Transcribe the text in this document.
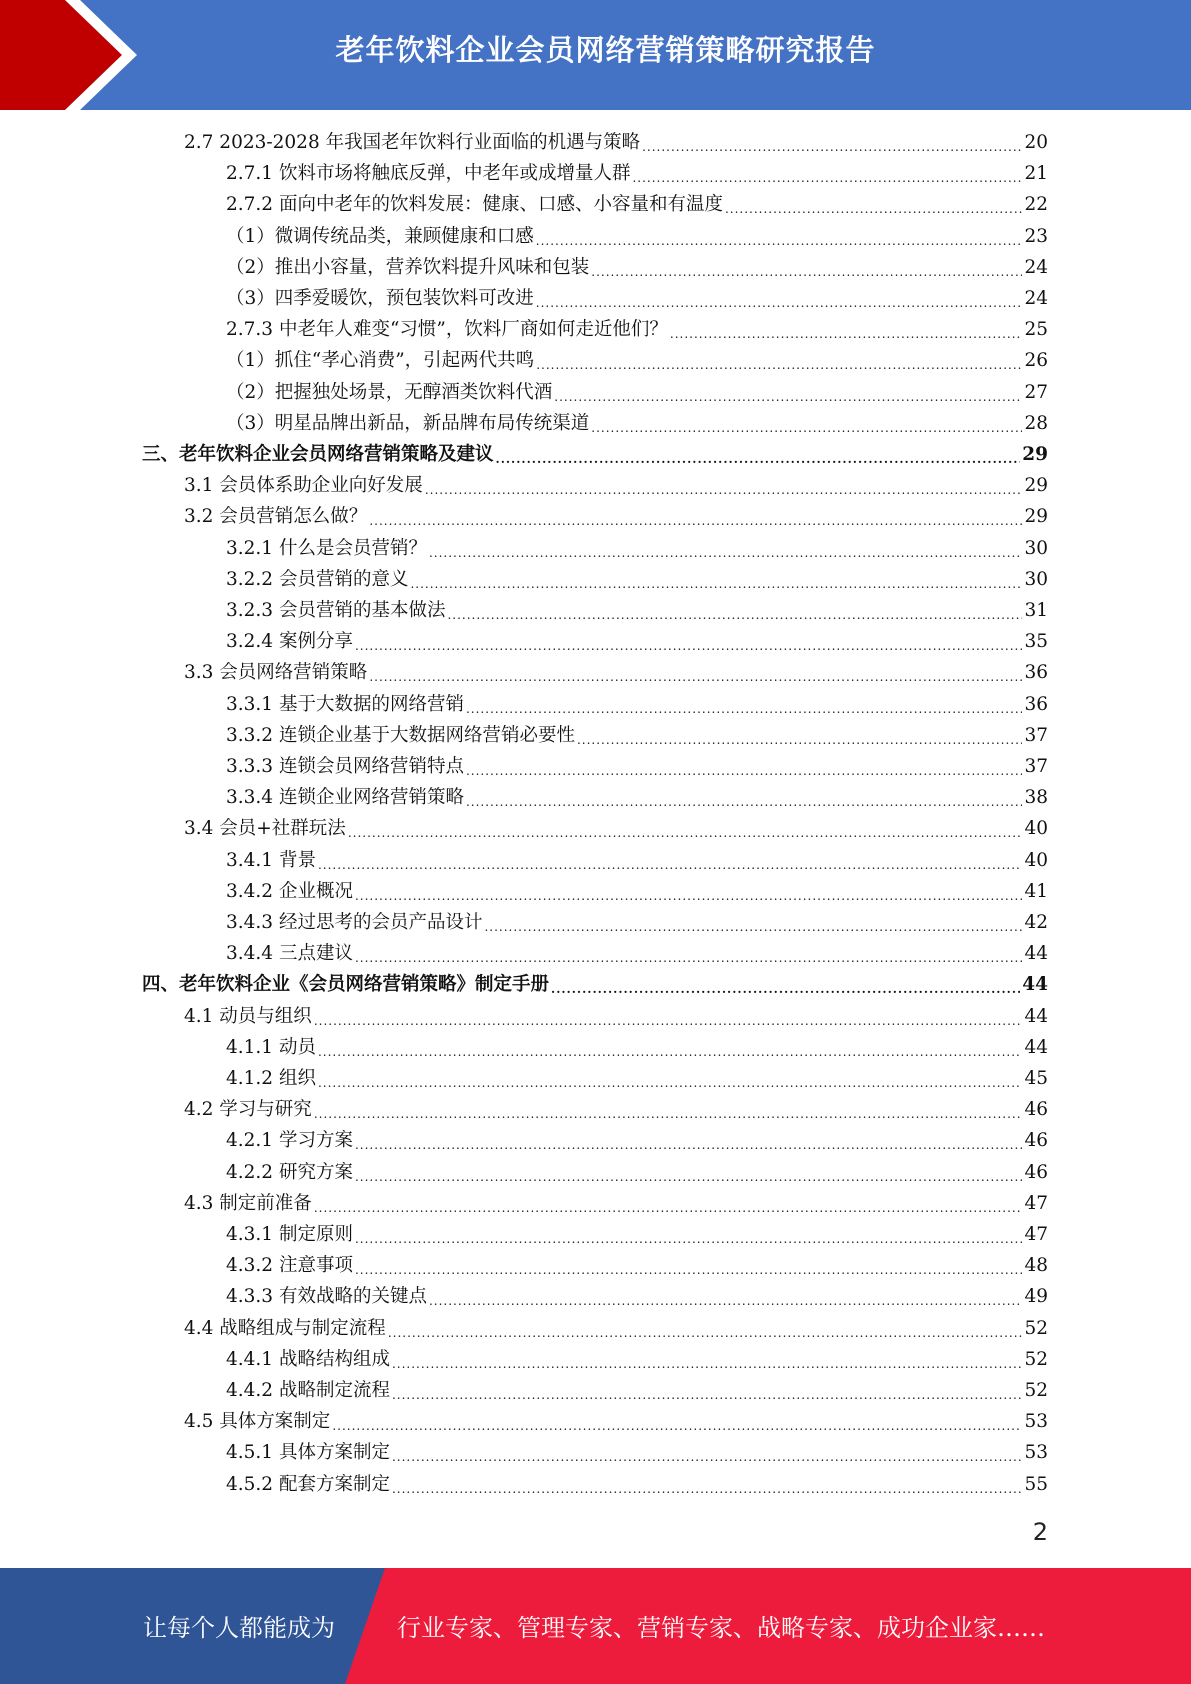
老年饮料企业会员网络营销策略研究报告
2.7 2023-2028 年我国老年饮料行业面临的机遇与策略 .....	20
2.7.1 饮料市场将触底反弹，中老年或成增量人群 .....	21
2.7.2 面向中老年的饮料发展：健康、口感、小容量和有温度 .....	22
（1）微调传统品类，兼顾健康和口感 .....	23
（2）推出小容量，营养饮料提升风味和包装 .....	24
（3）四季爱暖饮，预包装饮料可改进 .....	24
2.7.3 中老年人难变“习惯”，饮料厂商如何走近他们？ .....	25
（1）抓住“孝心消费”，引起两代共鸣 .....	26
（2）把握独处场景，无醇酒类饮料代酒 .....	27
（3）明星品牌出新品，新品牌布局传统渠道 .....	28
三、老年饮料企业会员网络营销策略及建议 .....	29
3.1 会员体系助企业向好发展 .....	29
3.2 会员营销怎么做？ .....	29
3.2.1 什么是会员营销？ .....	30
3.2.2 会员营销的意义 .....	30
3.2.3 会员营销的基本做法 .....	31
3.2.4 案例分享 .....	35
3.3 会员网络营销策略 .....	36
3.3.1 基于大数据的网络营销 .....	36
3.3.2 连锁企业基于大数据网络营销必要性 .....	37
3.3.3 连锁会员网络营销特点 .....	37
3.3.4 连锁企业网络营销策略 .....	38
3.4 会员+社群玩法 .....	40
3.4.1 背景 .....	40
3.4.2 企业概况 .....	41
3.4.3 经过思考的会员产品设计 .....	42
3.4.4 三点建议 .....	44
四、老年饮料企业《会员网络营销策略》制定手册 .....	44
4.1 动员与组织 .....	44
4.1.1 动员 .....	44
4.1.2 组织 .....	45
4.2 学习与研究 .....	46
4.2.1 学习方案 .....	46
4.2.2 研究方案 .....	46
4.3 制定前准备 .....	47
4.3.1 制定原则 .....	47
4.3.2 注意事项 .....	48
4.3.3 有效战略的关键点 .....	49
4.4 战略组成与制定流程 .....	52
4.4.1 战略结构组成 .....	52
4.4.2 战略制定流程 .....	52
4.5 具体方案制定 .....	53
4.5.1 具体方案制定 .....	53
4.5.2 配套方案制定 .....	55
2
让每个人都能成为	行业专家、管理专家、营销专家、战略专家、成功企业家……
